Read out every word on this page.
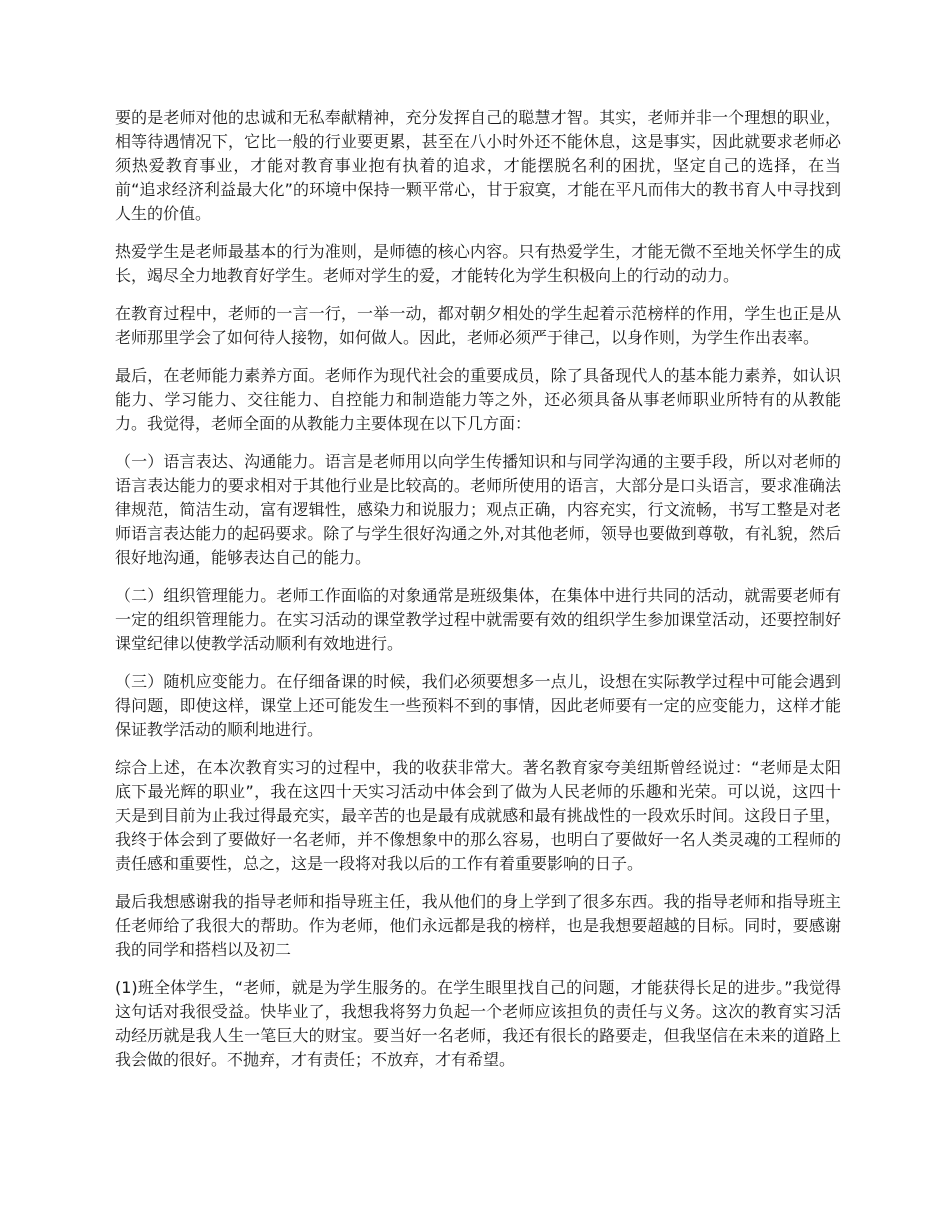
要的是老师对他的忠诚和无私奉献精神，充分发挥自己的聪慧才智。其实，老师并非一个理想的职业，相等待遇情况下，它比一般的行业要更累，甚至在八小时外还不能休息，这是事实，因此就要求老师必须热爱教育事业，才能对教育事业抱有执着的追求，才能摆脱名利的困扰，坚定自己的选择，在当前“追求经济利益最大化”的环境中保持一颗平常心，甘于寂寞，才能在平凡而伟大的教书育人中寻找到人生的价值。

热爱学生是老师最基本的行为准则，是师德的核心内容。只有热爱学生，才能无微不至地关怀学生的成长，竭尽全力地教育好学生。老师对学生的爱，才能转化为学生积极向上的行动的动力。

在教育过程中，老师的一言一行，一举一动，都对朝夕相处的学生起着示范榜样的作用，学生也正是从老师那里学会了如何待人接物，如何做人。因此，老师必须严于律己，以身作则，为学生作出表率。

最后，在老师能力素养方面。老师作为现代社会的重要成员，除了具备现代人的基本能力素养，如认识能力、学习能力、交往能力、自控能力和制造能力等之外，还必须具备从事老师职业所特有的从教能力。我觉得，老师全面的从教能力主要体现在以下几方面：

（一）语言表达、沟通能力。语言是老师用以向学生传播知识和与同学沟通的主要手段，所以对老师的语言表达能力的要求相对于其他行业是比较高的。老师所使用的语言，大部分是口头语言，要求准确法律规范，简洁生动，富有逻辑性，感染力和说服力；观点正确，内容充实，行文流畅，书写工整是对老师语言表达能力的起码要求。除了与学生很好沟通之外,对其他老师，领导也要做到尊敬，有礼貌，然后很好地沟通，能够表达自己的能力。

（二）组织管理能力。老师工作面临的对象通常是班级集体，在集体中进行共同的活动，就需要老师有一定的组织管理能力。在实习活动的课堂教学过程中就需要有效的组织学生参加课堂活动，还要控制好课堂纪律以使教学活动顺利有效地进行。

（三）随机应变能力。在仔细备课的时候，我们必须要想多一点儿，设想在实际教学过程中可能会遇到得问题，即使这样，课堂上还可能发生一些预料不到的事情，因此老师要有一定的应变能力，这样才能保证教学活动的顺利地进行。

综合上述，在本次教育实习的过程中，我的收获非常大。著名教育家夸美纽斯曾经说过：“老师是太阳底下最光辉的职业”，我在这四十天实习活动中体会到了做为人民老师的乐趣和光荣。可以说，这四十天是到目前为止我过得最充实，最辛苦的也是最有成就感和最有挑战性的一段欢乐时间。这段日子里，我终于体会到了要做好一名老师，并不像想象中的那么容易，也明白了要做好一名人类灵魂的工程师的责任感和重要性，总之，这是一段将对我以后的工作有着重要影响的日子。

最后我想感谢我的指导老师和指导班主任，我从他们的身上学到了很多东西。我的指导老师和指导班主任老师给了我很大的帮助。作为老师，他们永远都是我的榜样，也是我想要超越的目标。同时，要感谢我的同学和搭档以及初二

(1)班全体学生，“老师，就是为学生服务的。在学生眼里找自己的问题，才能获得长足的进步。”我觉得这句话对我很受益。快毕业了，我想我将努力负起一个老师应该担负的责任与义务。这次的教育实习活动经历就是我人生一笔巨大的财宝。要当好一名老师，我还有很长的路要走，但我坚信在未来的道路上我会做的很好。不抛弃，才有责任；不放弃，才有希望。
